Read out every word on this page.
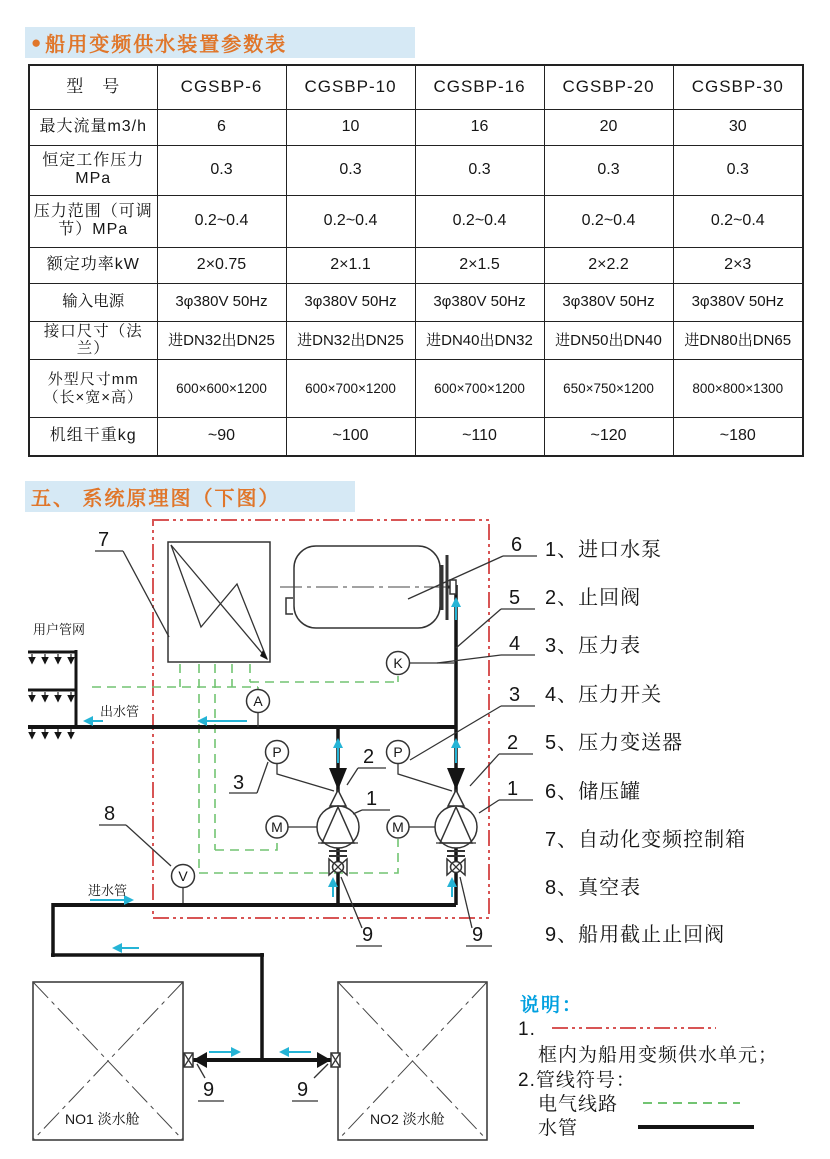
● 船用变频供水装置参数表
型　号	CGSBP-6	CGSBP-10	CGSBP-16	CGSBP-20	CGSBP-30
最大流量m3/h	6	10	16	20	30
恒定工作压力MPa	0.3	0.3	0.3	0.3	0.3
压力范围（可调节）MPa	0.2~0.4	0.2~0.4	0.2~0.4	0.2~0.4	0.2~0.4
额定功率kW	2×0.75	2×1.1	2×1.5	2×2.2	2×3
输入电源	3φ380V 50Hz	3φ380V 50Hz	3φ380V 50Hz	3φ380V 50Hz	3φ380V 50Hz
接口尺寸（法兰）	进DN32出DN25	进DN32出DN25	进DN40出DN32	进DN50出DN40	进DN80出DN65
外型尺寸mm（长×宽×高）	600×600×1200	600×700×1200	600×700×1200	650×750×1200	800×800×1300
机组干重kg	~90	~100	~110	~120	~180
五、 系统原理图（下图）
7
8
3
2
1
9	9
9	9
6
5
4
3
2
1
A
K
V
P	P
M	M
用户管网
出水管
进水管
NO1 淡水舱	NO2 淡水舱
1、进口水泵
2、止回阀
3、压力表
4、压力开关
5、压力变送器
6、储压罐
7、自动化变频控制箱
8、真空表
9、船用截止止回阀
说明：
1.
框内为船用变频供水单元；
2.管线符号：
电气线路
水管
